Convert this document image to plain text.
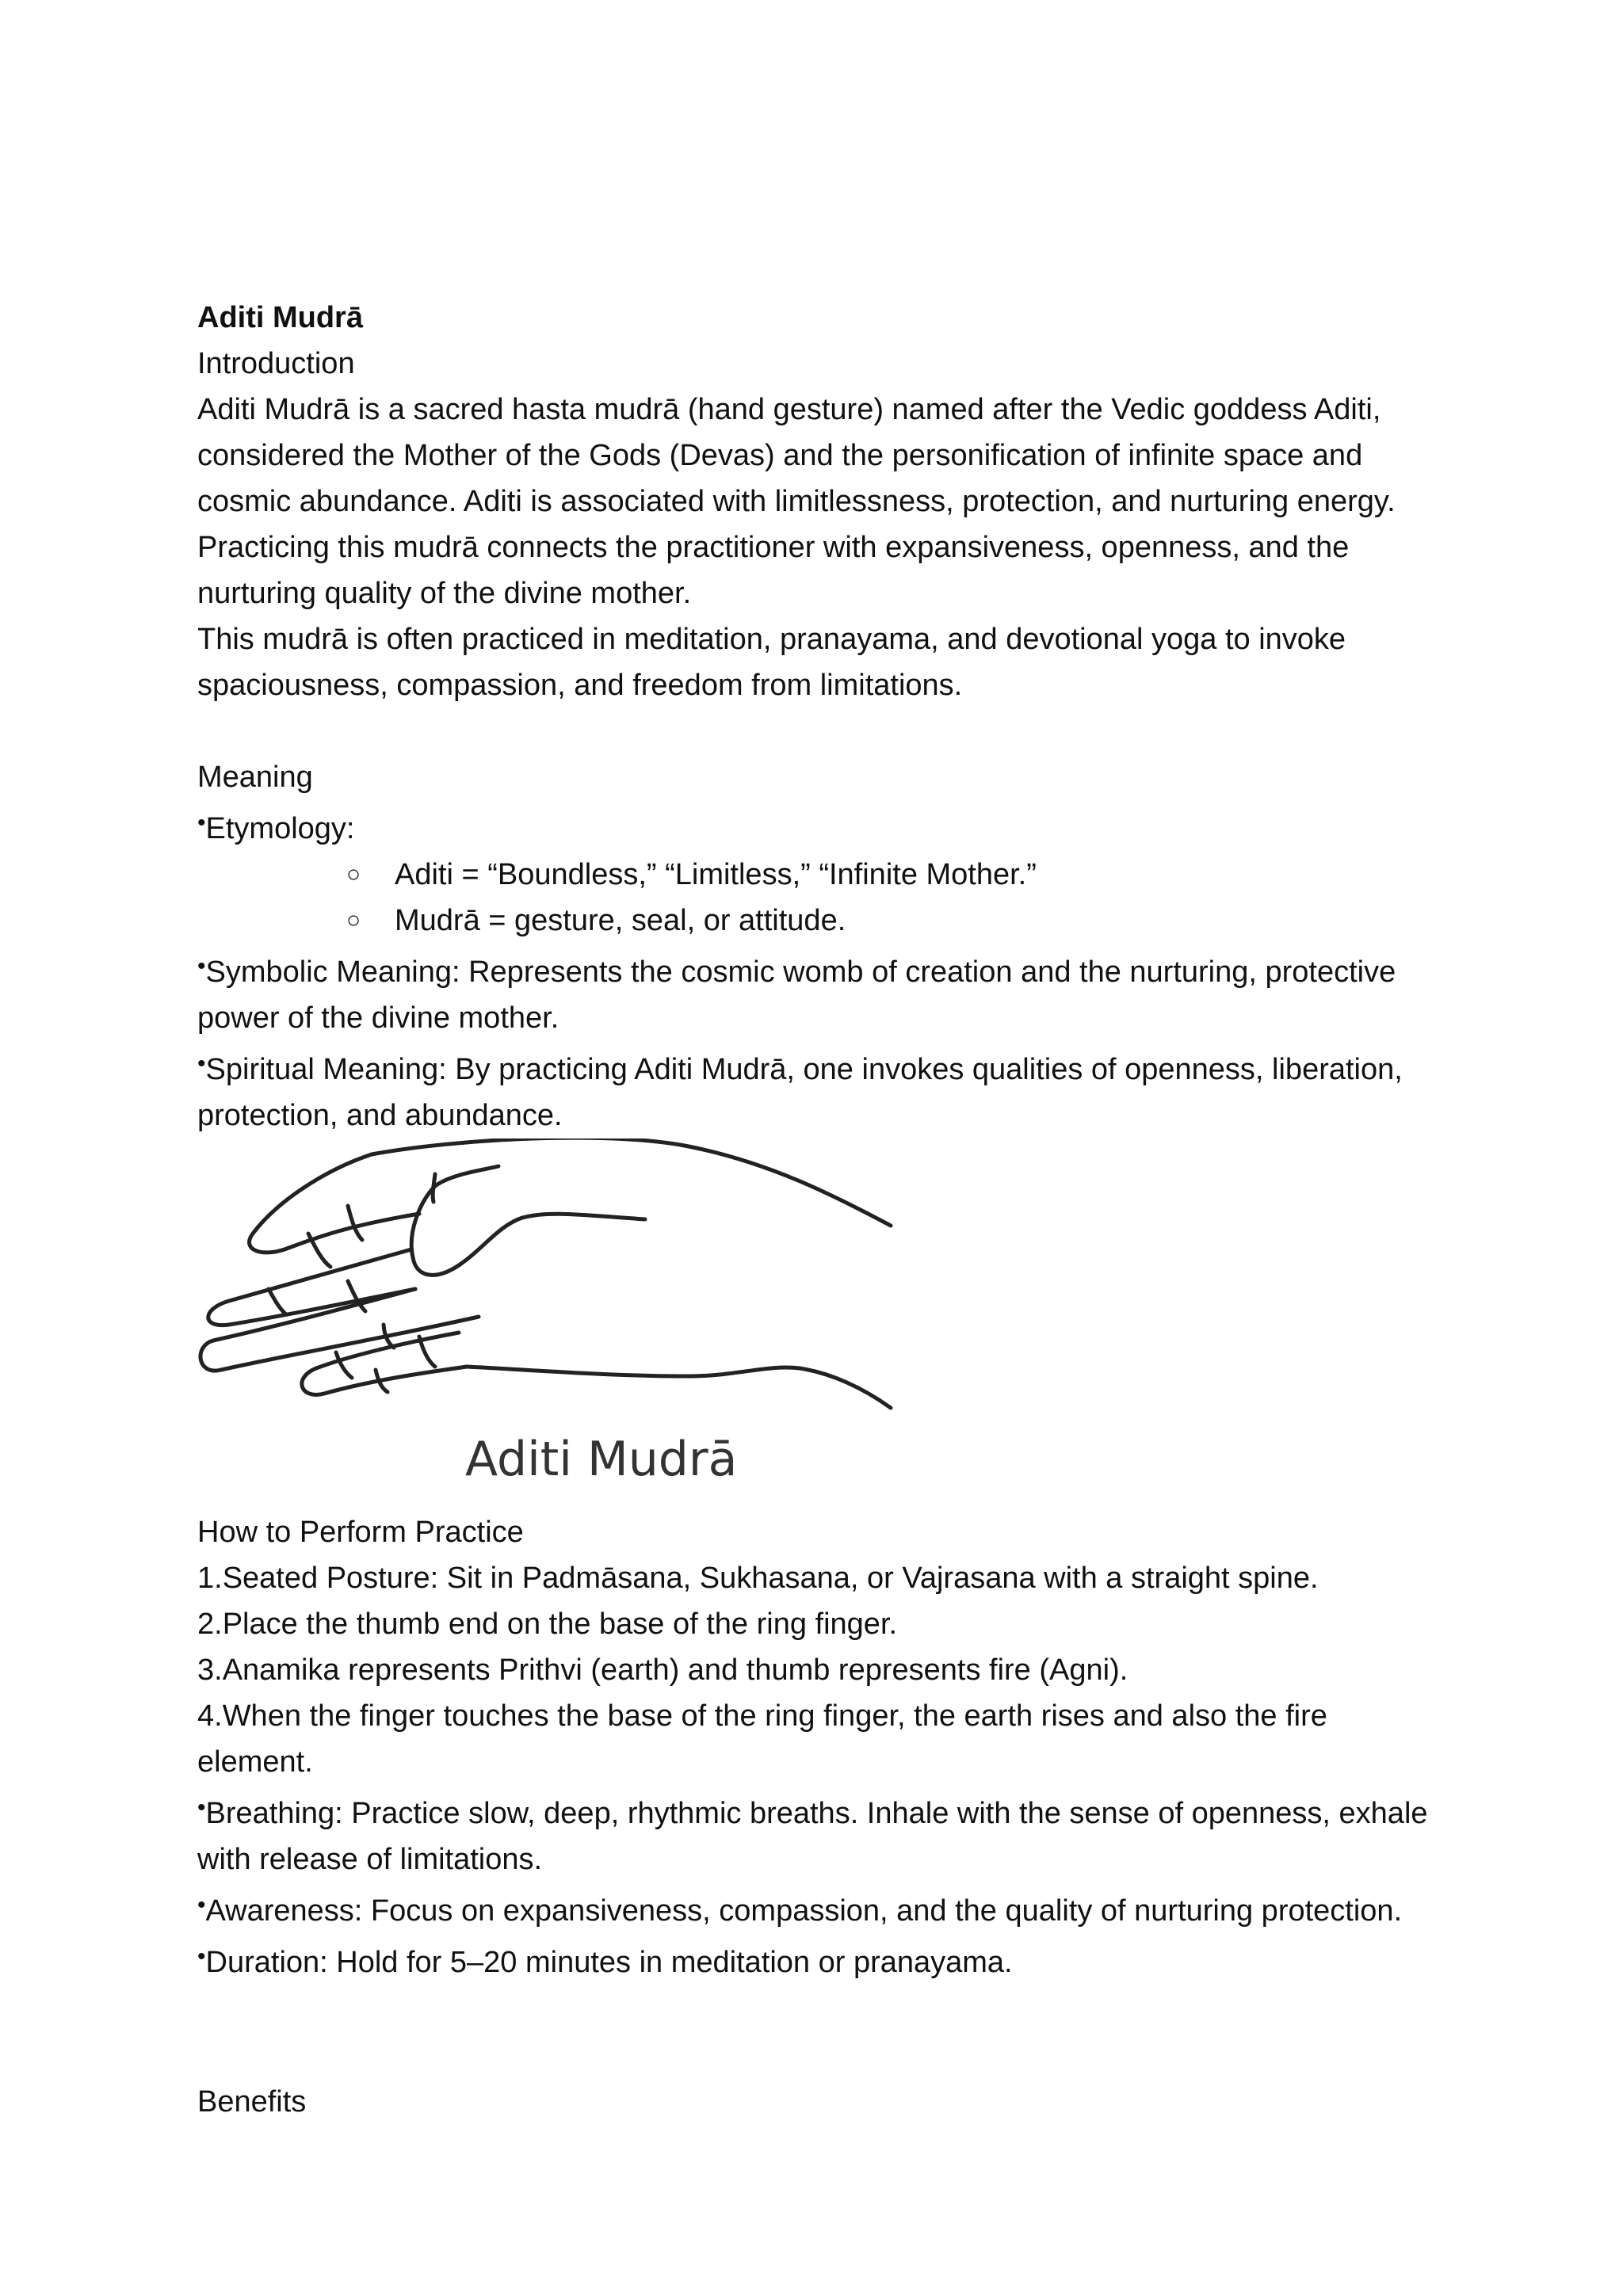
Aditi Mudrā

Introduction

Aditi Mudrā is a sacred hasta mudrā (hand gesture) named after the Vedic goddess Aditi, considered the Mother of the Gods (Devas) and the personification of infinite space and cosmic abundance. Aditi is associated with limitlessness, protection, and nurturing energy. Practicing this mudrā connects the practitioner with expansiveness, openness, and the nurturing quality of the divine mother.

This mudrā is often practiced in meditation, pranayama, and devotional yoga to invoke spaciousness, compassion, and freedom from limitations.

Meaning

•Etymology:

○ Aditi = “Boundless,” “Limitless,” “Infinite Mother.”
○ Mudrā = gesture, seal, or attitude.

•Symbolic Meaning: Represents the cosmic womb of creation and the nurturing, protective power of the divine mother.

•Spiritual Meaning: By practicing Aditi Mudrā, one invokes qualities of openness, liberation, protection, and abundance.

Aditi Mudrā

How to Perform Practice

1.Seated Posture: Sit in Padmāsana, Sukhasana, or Vajrasana with a straight spine.

2.Place the thumb end on the base of the ring finger.

3.Anamika represents Prithvi (earth) and thumb represents fire (Agni).

4.When the finger touches the base of the ring finger, the earth rises and also the fire element.

•Breathing: Practice slow, deep, rhythmic breaths. Inhale with the sense of openness, exhale with release of limitations.

•Awareness: Focus on expansiveness, compassion, and the quality of nurturing protection.

•Duration: Hold for 5–20 minutes in meditation or pranayama.

Benefits
